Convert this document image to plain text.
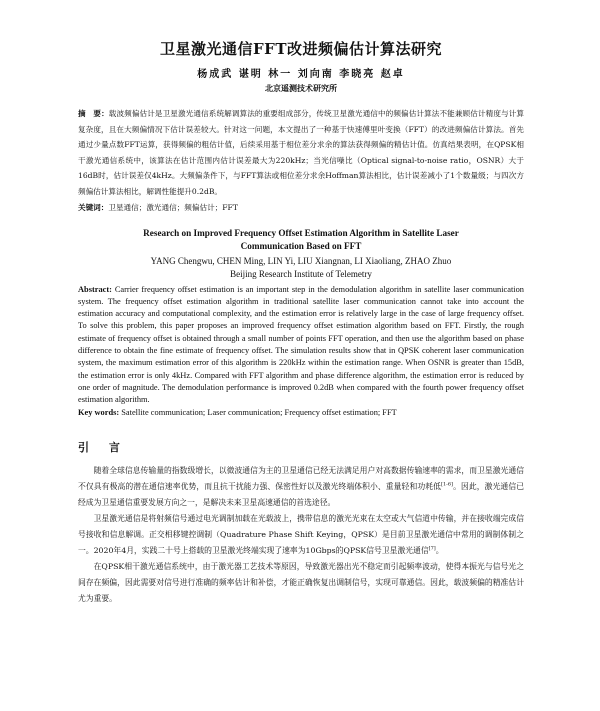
卫星激光通信FFT改进频偏估计算法研究

杨成武 谌明 林一 刘向南 李晓亮 赵卓

北京遥测技术研究所

摘　要：载波频偏估计是卫星激光通信系统解调算法的重要组成部分，传统卫星激光通信中的频偏估计算法不能兼顾估计精度与计算复杂度，且在大频偏情况下估计误差较大。针对这一问题，本文提出了一种基于快速傅里叶变换（FFT）的改进频偏估计算法。首先通过少量点数FFT运算，获得频偏的粗估计值，后续采用基于相位差分求余的算法获得频偏的精估计值。仿真结果表明，在QPSK相干激光通信系统中，该算法在估计范围内估计误差最大为220kHz；当光信噪比（Optical signal-to-noise ratio，OSNR）大于16dB时，估计误差仅4kHz。大频偏条件下，与FFT算法或相位差分求余Hoffman算法相比，估计误差减小了1个数量级；与四次方频偏估计算法相比，解调性能提升0.2dB。

关键词：卫星通信；激光通信；频偏估计；FFT

Research on Improved Frequency Offset Estimation Algorithm in Satellite Laser Communication Based on FFT

YANG Chengwu, CHEN Ming, LIN Yi, LIU Xiangnan, LI Xiaoliang, ZHAO Zhuo

Beijing Research Institute of Telemetry

Abstract: Carrier frequency offset estimation is an important step in the demodulation algorithm in satellite laser communication system. The frequency offset estimation algorithm in traditional satellite laser communication cannot take into account the estimation accuracy and computational complexity, and the estimation error is relatively large in the case of large frequency offset. To solve this problem, this paper proposes an improved frequency offset estimation algorithm based on FFT. Firstly, the rough estimate of frequency offset is obtained through a small number of points FFT operation, and then use the algorithm based on phase difference to obtain the fine estimate of frequency offset. The simulation results show that in QPSK coherent laser communication system, the maximum estimation error of this algorithm is 220kHz within the estimation range. When OSNR is greater than 15dB, the estimation error is only 4kHz. Compared with FFT algorithm and phase difference algorithm, the estimation error is reduced by one order of magnitude. The demodulation performance is improved 0.2dB when compared with the fourth power frequency offset estimation algorithm.

Key words: Satellite communication; Laser communication; Frequency offset estimation; FFT

引 言

随着全球信息传输量的指数级增长，以微波通信为主的卫星通信已经无法满足用户对高数据传输速率的需求，而卫星激光通信不仅具有极高的潜在通信速率优势，而且抗干扰能力强、保密性好以及激光终端体积小、重量轻和功耗低[1-6]。因此，激光通信已经成为卫星通信重要发展方向之一，是解决未来卫星高速通信的首选途径。

卫星激光通信是将射频信号通过电光调制加载在光载波上，携带信息的激光光束在太空或大气信道中传输，并在接收端完成信号接收和信息解调。正交相移键控调制（Quadrature Phase Shift Keying，QPSK）是目前卫星激光通信中常用的调制体制之一。2020年4月，实践二十号上搭载的卫星激光终端实现了速率为10Gbps的QPSK信号卫星激光通信[7]。

在QPSK相干激光通信系统中，由于激光器工艺技术等原因，导致激光器出光不稳定而引起频率波动，使得本振光与信号光之间存在频偏，因此需要对信号进行准确的频率估计和补偿，才能正确恢复出调制信号，实现可靠通信。因此，载波频偏的精准估计尤为重要。
